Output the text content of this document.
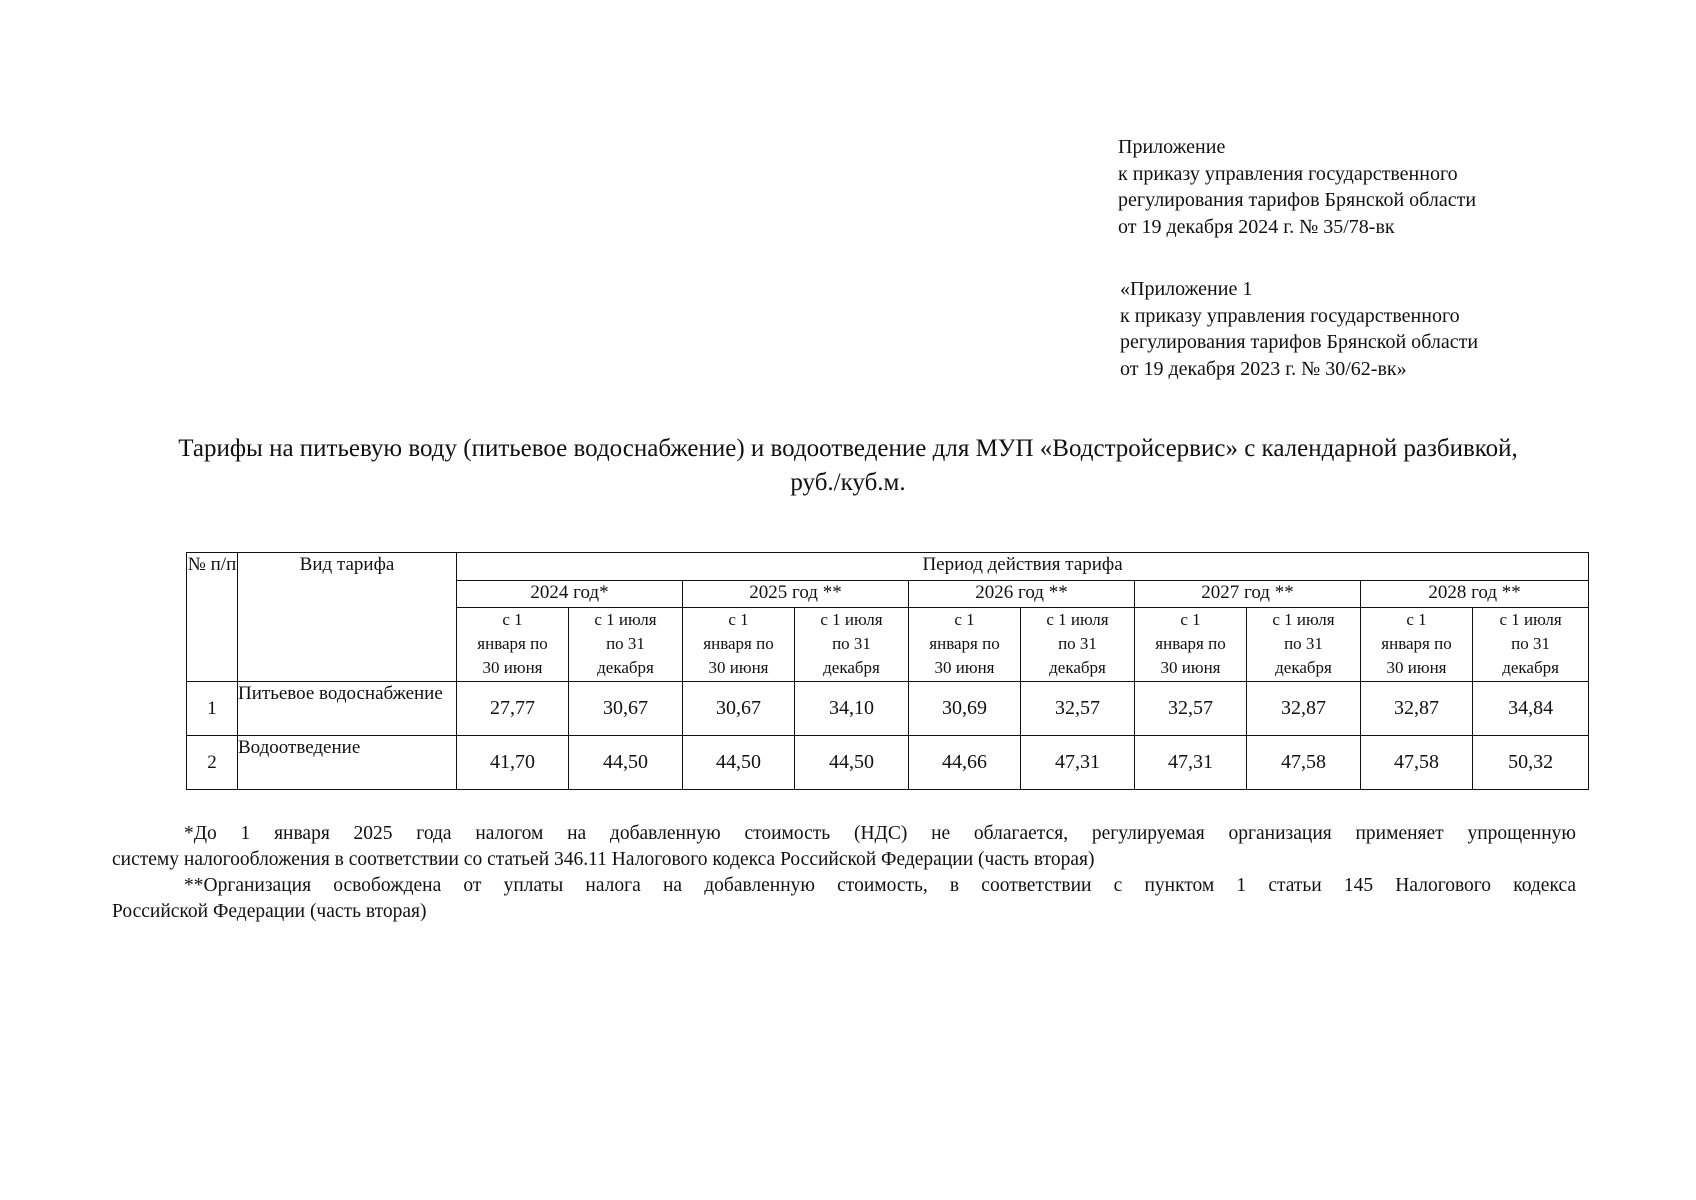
Приложение
к приказу управления государственного
регулирования тарифов Брянской области
от 19 декабря 2024 г. № 35/78-вк
«Приложение 1
к приказу управления государственного
регулирования тарифов Брянской области
от 19 декабря 2023 г. № 30/62-вк»
Тарифы на питьевую воду (питьевое водоснабжение) и водоотведение для МУП «Водстройсервис» с календарной разбивкой,
руб./куб.м.
№ п/п	Вид тарифа	Период действия тарифа									
		2024 год*		2025 год **		2026 год **		2027 год **		2028 год **	

		с 1
января по
30 июня	с 1 июля
по 31
декабря	с 1
января по
30 июня	с 1 июля
по 31
декабря	с 1
января по
30 июня	с 1 июля
по 31
декабря	с 1
января по
30 июня	с 1 июля
по 31
декабря	с 1
января по
30 июня	с 1 июля
по 31
декабря

1	Питьевое водоснабжение	27,77	30,67	30,67	34,10	30,69	32,57	32,57	32,87	32,87	34,84
2	Водоотведение	41,70	44,50	44,50	44,50	44,66	47,31	47,31	47,58	47,58	50,32
*До 1 января 2025 года налогом на добавленную стоимость (НДС) не облагается, регулируемая организация применяет упрощенную
систему налогообложения в соответствии со статьей 346.11 Налогового кодекса Российской Федерации (часть вторая)
**Организация освобождена от уплаты налога на добавленную стоимость, в соответствии с пунктом 1 статьи 145 Налогового кодекса
Российской Федерации (часть вторая)
